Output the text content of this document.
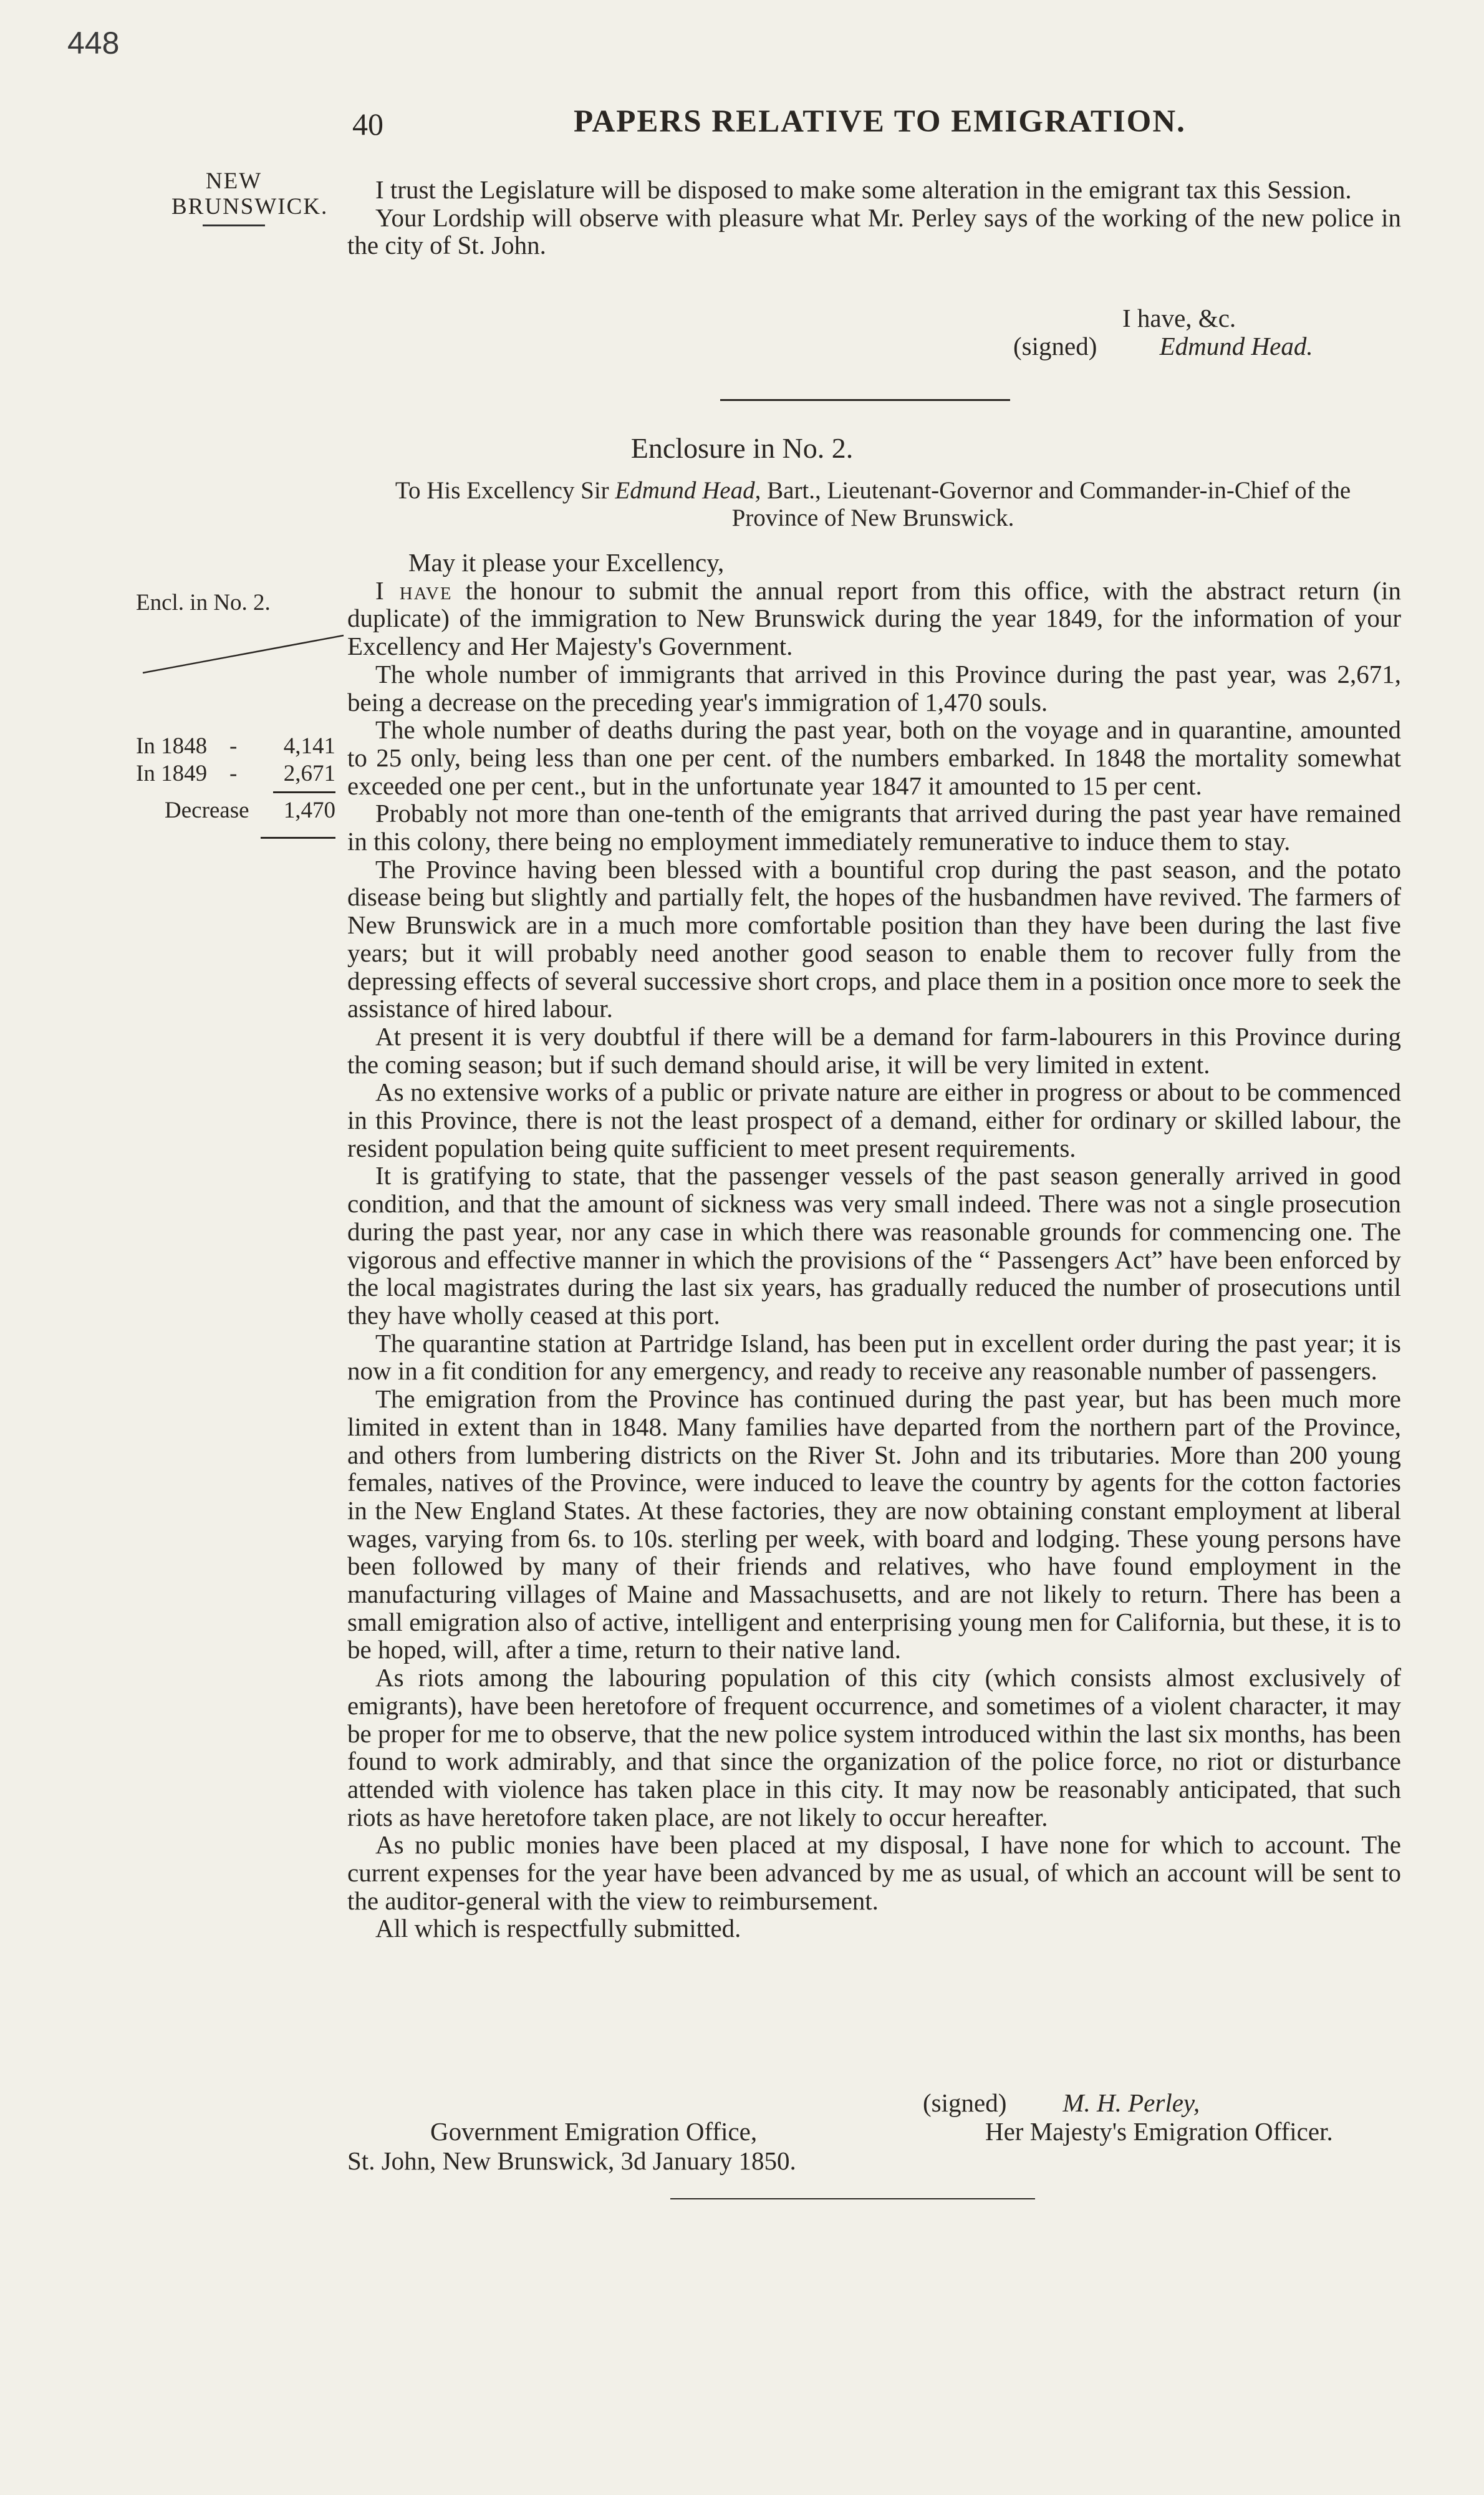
448
40	PAPERS RELATIVE TO EMIGRATION.
NEW BRUNSWICK.

I trust the Legislature will be disposed to make some alteration in the emigrant tax this Session.

Your Lordship will observe with pleasure what Mr. Perley says of the working of the new police in the city of St. John.

I have, &c.
(signed) Edmund Head.
Enclosure in No. 2.
To His Excellency Sir Edmund Head, Bart., Lieutenant-Governor and Commander-in-Chief of the Province of New Brunswick.
Encl. in No. 2.
In 1848 - 4,141
In 1849 - 2,671
Decrease 1,470

May it please your Excellency,

I have the honour to submit the annual report from this office, with the abstract return (in duplicate) of the immigration to New Brunswick during the year 1849, for the information of your Excellency and Her Majesty's Government.

The whole number of immigrants that arrived in this Province during the past year, was 2,671, being a decrease on the preceding year's immigration of 1,470 souls.

The whole number of deaths during the past year, both on the voyage and in quarantine, amounted to 25 only, being less than one per cent. of the numbers embarked. In 1848 the mortality somewhat exceeded one per cent., but in the unfortunate year 1847 it amounted to 15 per cent.

Probably not more than one-tenth of the emigrants that arrived during the past year have remained in this colony, there being no employment immediately remunerative to induce them to stay.

The Province having been blessed with a bountiful crop during the past season, and the potato disease being but slightly and partially felt, the hopes of the husbandmen have revived. The farmers of New Brunswick are in a much more comfortable position than they have been during the last five years; but it will probably need another good season to enable them to recover fully from the depressing effects of several successive short crops, and place them in a position once more to seek the assistance of hired labour.

At present it is very doubtful if there will be a demand for farm-labourers in this Province during the coming season; but if such demand should arise, it will be very limited in extent.

As no extensive works of a public or private nature are either in progress or about to be commenced in this Province, there is not the least prospect of a demand, either for ordinary or skilled labour, the resident population being quite sufficient to meet present requirements.

It is gratifying to state, that the passenger vessels of the past season generally arrived in good condition, and that the amount of sickness was very small indeed. There was not a single prosecution during the past year, nor any case in which there was reasonable grounds for commencing one. The vigorous and effective manner in which the provisions of the “ Passengers Act” have been enforced by the local magistrates during the last six years, has gradually reduced the number of prosecutions until they have wholly ceased at this port.

The quarantine station at Partridge Island, has been put in excellent order during the past year; it is now in a fit condition for any emergency, and ready to receive any reasonable number of passengers.

The emigration from the Province has continued during the past year, but has been much more limited in extent than in 1848. Many families have departed from the northern part of the Province, and others from lumbering districts on the River St. John and its tributaries. More than 200 young females, natives of the Province, were induced to leave the country by agents for the cotton factories in the New England States. At these factories, they are now obtaining constant employment at liberal wages, varying from 6s. to 10s. sterling per week, with board and lodging. These young persons have been followed by many of their friends and relatives, who have found employment in the manufacturing villages of Maine and Massachusetts, and are not likely to return. There has been a small emigration also of active, intelligent and enterprising young men for California, but these, it is to be hoped, will, after a time, return to their native land.

As riots among the labouring population of this city (which consists almost exclusively of emigrants), have been heretofore of frequent occurrence, and sometimes of a violent character, it may be proper for me to observe, that the new police system introduced within the last six months, has been found to work admirably, and that since the organization of the police force, no riot or disturbance attended with violence has taken place in this city. It may now be reasonably anticipated, that such riots as have heretofore taken place, are not likely to occur hereafter.

As no public monies have been placed at my disposal, I have none for which to account. The current expenses for the year have been advanced by me as usual, of which an account will be sent to the auditor-general with the view to reimbursement.

All which is respectfully submitted.

(signed) M. H. Perley,
Government Emigration Office,	Her Majesty's Emigration Officer.
St. John, New Brunswick, 3d January 1850.
